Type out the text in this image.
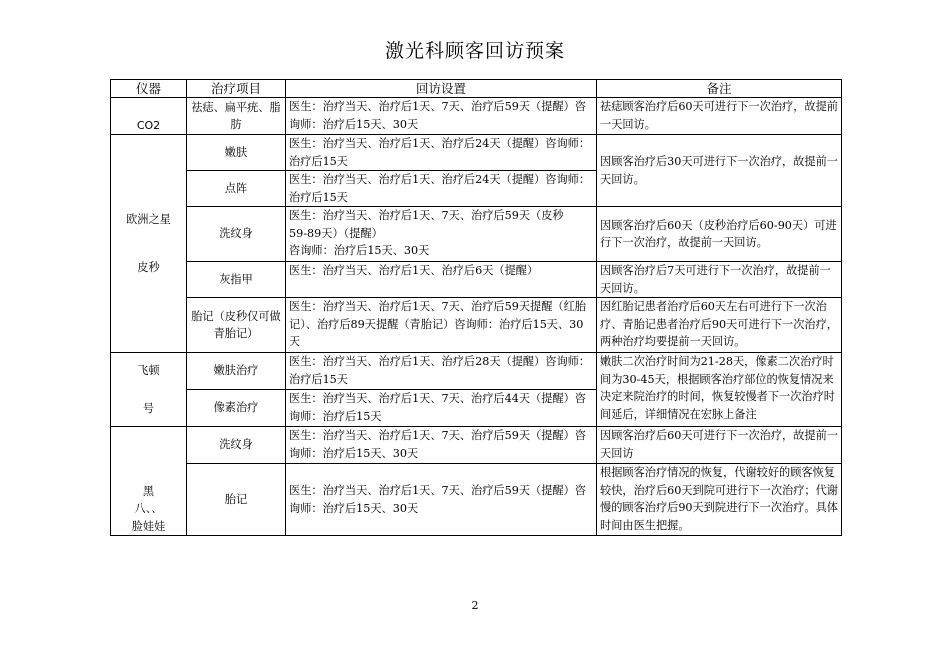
激光科顾客回访预案
仪器	治疗项目	回访设置	备注
CO2	祛痣、扁平疣、脂肪	医生：治疗当天、治疗后1天、7天、治疗后59天（提醒）咨询师：治疗后15天、30天	祛痣顾客治疗后60天可进行下一次治疗，故提前一天回访。
欧洲之星
皮秒	嫩肤	医生：治疗当天、治疗后1天、治疗后24天（提醒）咨询师：治疗后15天	因顾客治疗后30天可进行下一次治疗，故提前一天回访。
	点阵	医生：治疗当天、治疗后1天、治疗后24天（提醒）咨询师：治疗后15天	
	洗纹身	医生：治疗当天、治疗后1天、7天、治疗后59天（皮秒
59-89天）（提醒）
咨询师：治疗后15天、30天	因顾客治疗后60天（皮秒治疗后60-90天）可进行下一次治疗，故提前一天回访。
	灰指甲	医生：治疗当天、治疗后1天、治疗后6天（提醒）	因顾客治疗后7天可进行下一次治疗，故提前一天回访。
	胎记（皮秒仅可做青胎记）	医生：治疗当天、治疗后1天、7天、治疗后59天提醒（红胎记）、治疗后89天提醒（青胎记）咨询师：治疗后15天、30天	因红胎记患者治疗后60天左右可进行下一次治疗、青胎记患者治疗后90天可进行下一次治疗，两种治疗均要提前一天回访。
飞顿
号	嫩肤治疗	医生：治疗当天、治疗后1天、治疗后28天（提醒）咨询师：治疗后15天	嫩肤二次治疗时间为21-28天，像素二次治疗时间为30-45天，根据顾客治疗部位的恢复情况来决定来院治疗的时间，恢复较慢者下一次治疗时间延后，详细情况在宏脉上备注

	像素治疗	医生：治疗当天、治疗后1天、7天、治疗后44天（提醒）咨询师：治疗后15天	

黑
八、、
脸娃娃	洗纹身	医生：治疗当天、治疗后1天、7天、治疗后59天（提醒）咨询师：治疗后15天、30天	因顾客治疗后60天可进行下一次治疗，故提前一天回访
	胎记	医生：治疗当天、治疗后1天、7天、治疗后59天（提醒）咨询师：治疗后15天、30天	根据顾客治疗情况的恢复，代谢较好的顾客恢复较快，治疗后60天到院可进行下一次治疗；代谢慢的顾客治疗后90天到院进行下一次治疗。具体时间由医生把握。
2
